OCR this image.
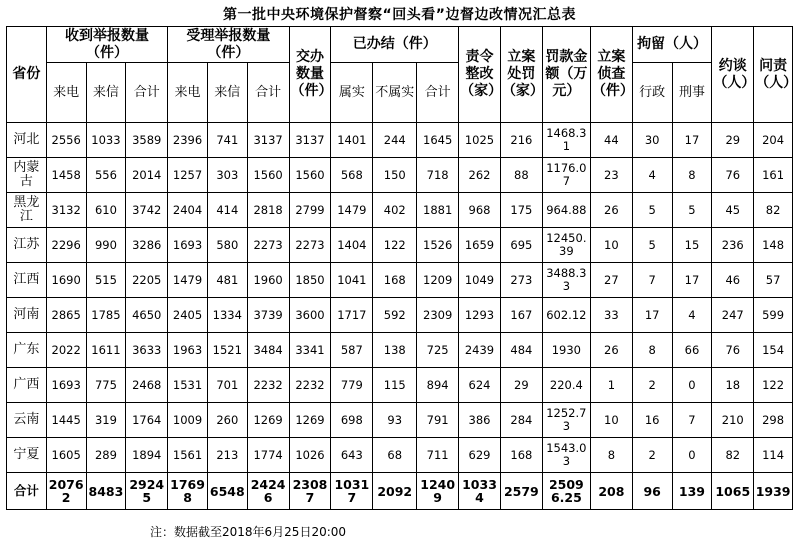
第一批中央环境保护督察“回头看”边督边改情况汇总表
省份	收到举报数量（件）			受理举报数量（件）			交办数量（件）	已办结（件）			责令整改（家）	立案处罚（家）	罚款金额（万元）	立案侦查（件）	拘留（人）		约谈（人）	问责（人）
	来电	来信	合计	来电	来信	合计		属实	不属实	合计					行政	刑事		
河北	2556	1033	3589	2396	741	3137	3137	1401	244	1645	1025	216	1468.31	44	30	17	29	204
内蒙古	1458	556	2014	1257	303	1560	1560	568	150	718	262	88	1176.07	23	4	8	76	161
黑龙江	3132	610	3742	2404	414	2818	2799	1479	402	1881	968	175	964.88	26	5	5	45	82
江苏	2296	990	3286	1693	580	2273	2273	1404	122	1526	1659	695	12450.39	10	5	15	236	148
江西	1690	515	2205	1479	481	1960	1850	1041	168	1209	1049	273	3488.33	27	7	17	46	57
河南	2865	1785	4650	2405	1334	3739	3600	1717	592	2309	1293	167	602.12	33	17	4	247	599
广东	2022	1611	3633	1963	1521	3484	3341	587	138	725	2439	484	1930	26	8	66	76	154
广西	1693	775	2468	1531	701	2232	2232	779	115	894	624	29	220.4	1	2	0	18	122
云南	1445	319	1764	1009	260	1269	1269	698	93	791	386	284	1252.73	10	16	7	210	298
宁夏	1605	289	1894	1561	213	1774	1026	643	68	711	629	168	1543.03	8	2	0	82	114
合计	20762	8483	29245	17698	6548	24246	23087	10317	2092	12409	10334	2579	25096.25	208	96	139	1065	1939
注：数据截至2018年6月25日20:00
